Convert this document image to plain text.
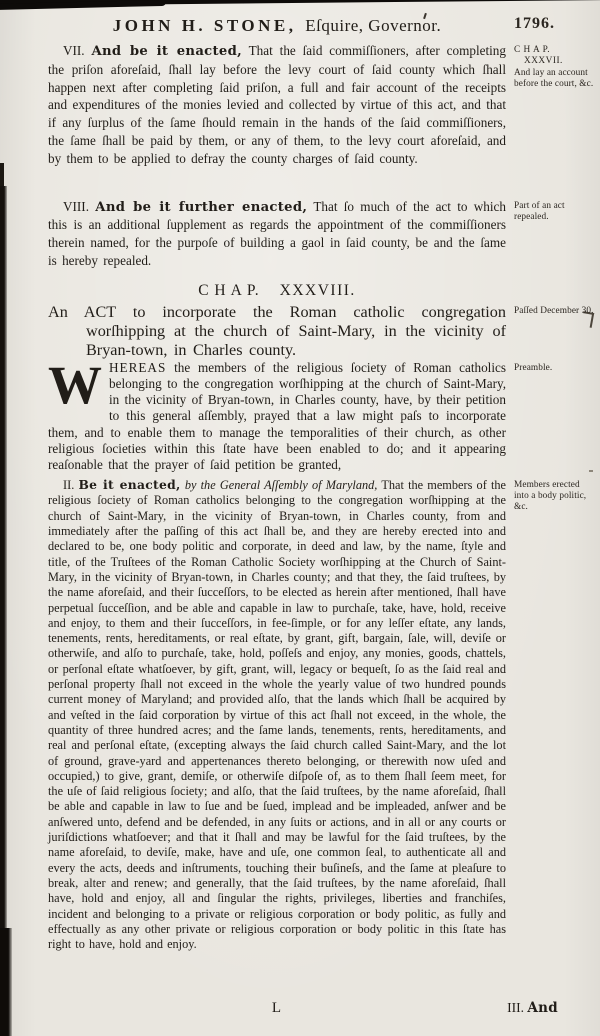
JOHN H. STONE, Eſquire, Governor.	1796.

VII. And be it enacted, That the ſaid commiſſioners, after completing the priſon aforeſaid, ſhall lay before the levy court of ſaid county which ſhall happen next after completing ſaid priſon, a full and fair account of the receipts and expenditures of the monies levied and collected by virtue of this act, and that if any ſurplus of the ſame ſhould remain in the hands of the ſaid commiſſioners, the ſame ſhall be paid by them, or any of them, to the levy court aforeſaid, and by them to be applied to defray the county charges of ſaid county.

C H A P.
XXXVII.
And lay an account before the court, &c.

VIII. And be it further enacted, That ſo much of the act to which this is an additional ſupplement as regards the appointment of the commiſſioners therein named, for the purpoſe of building a gaol in ſaid county, be and the ſame is hereby repealed.

Part of an act repealed.
C H A P. XXXVIII.

An ACT to incorporate the Roman catholic congregation worſhipping at the church of Saint-Mary, in the vicinity of Bryan-town, in Charles county.

Paſſed December 30.

WHEREAS the members of the religious ſociety of Roman catholics belonging to the congregation worſhipping at the church of Saint-Mary, in the vicinity of Bryan-town, in Charles county, have, by their petition to this general aſſembly, prayed that a law might paſs to incorporate them, and to enable them to manage the temporalities of their church, as other religious ſocieties within this ſtate have been enabled to do; and it appearing reaſonable that the prayer of ſaid petition be granted,

Preamble.

II. Be it enacted, by the General Aſſembly of Maryland, That the members of the religious ſociety of Roman catholics belonging to the congregation worſhipping at the church of Saint-Mary, in the vicinity of Bryan-town, in Charles county, from and immediately after the paſſing of this act ſhall be, and they are hereby erected into and declared to be, one body politic and corporate, in deed and law, by the name, ſtyle and title, of the Truſtees of the Roman Catholic Society worſhipping at the Church of Saint-Mary, in the vicinity of Bryan-town, in Charles county; and that they, the ſaid truſtees, by the name aforeſaid, and their ſucceſſors, to be elected as herein after mentioned, ſhall have perpetual ſucceſſion, and be able and capable in law to purchaſe, take, have, hold, receive and enjoy, to them and their ſucceſſors, in fee-ſimple, or for any leſſer eſtate, any lands, tenements, rents, hereditaments, or real eſtate, by grant, gift, bargain, ſale, will, deviſe or otherwiſe, and alſo to purchaſe, take, hold, poſſeſs and enjoy, any monies, goods, chattels, or perſonal eſtate whatſoever, by gift, grant, will, legacy or bequeſt, ſo as the ſaid real and perſonal property ſhall not exceed in the whole the yearly value of two hundred pounds current money of Maryland; and provided alſo, that the lands which ſhall be acquired by and veſted in the ſaid corporation by virtue of this act ſhall not exceed, in the whole, the quantity of three hundred acres; and the ſame lands, tenements, rents, hereditaments, and real and perſonal eſtate, (excepting always the ſaid church called Saint-Mary, and the lot of ground, grave-yard and appertenances thereto belonging, or therewith now uſed and occupied,) to give, grant, demiſe, or otherwiſe diſpoſe of, as to them ſhall ſeem meet, for the uſe of ſaid religious ſociety; and alſo, that the ſaid truſtees, by the name aforeſaid, ſhall be able and capable in law to ſue and be ſued, implead and be impleaded, anſwer and be anſwered unto, defend and be defended, in any ſuits or actions, and in all or any courts or juriſdictions whatſoever; and that it ſhall and may be lawful for the ſaid truſtees, by the name aforeſaid, to deviſe, make, have and uſe, one common ſeal, to authenticate all and every the acts, deeds and inſtruments, touching their buſineſs, and the ſame at pleaſure to break, alter and renew; and generally, that the ſaid truſtees, by the name aforeſaid, ſhall have, hold and enjoy, all and ſingular the rights, privileges, liberties and franchiſes, incident and belonging to a private or religious corporation or body politic, as fully and effectually as any other private or religious corporation or body politic in this ſtate has right to have, hold and enjoy.

Members erected into a body politic, &c.
L	III. And
